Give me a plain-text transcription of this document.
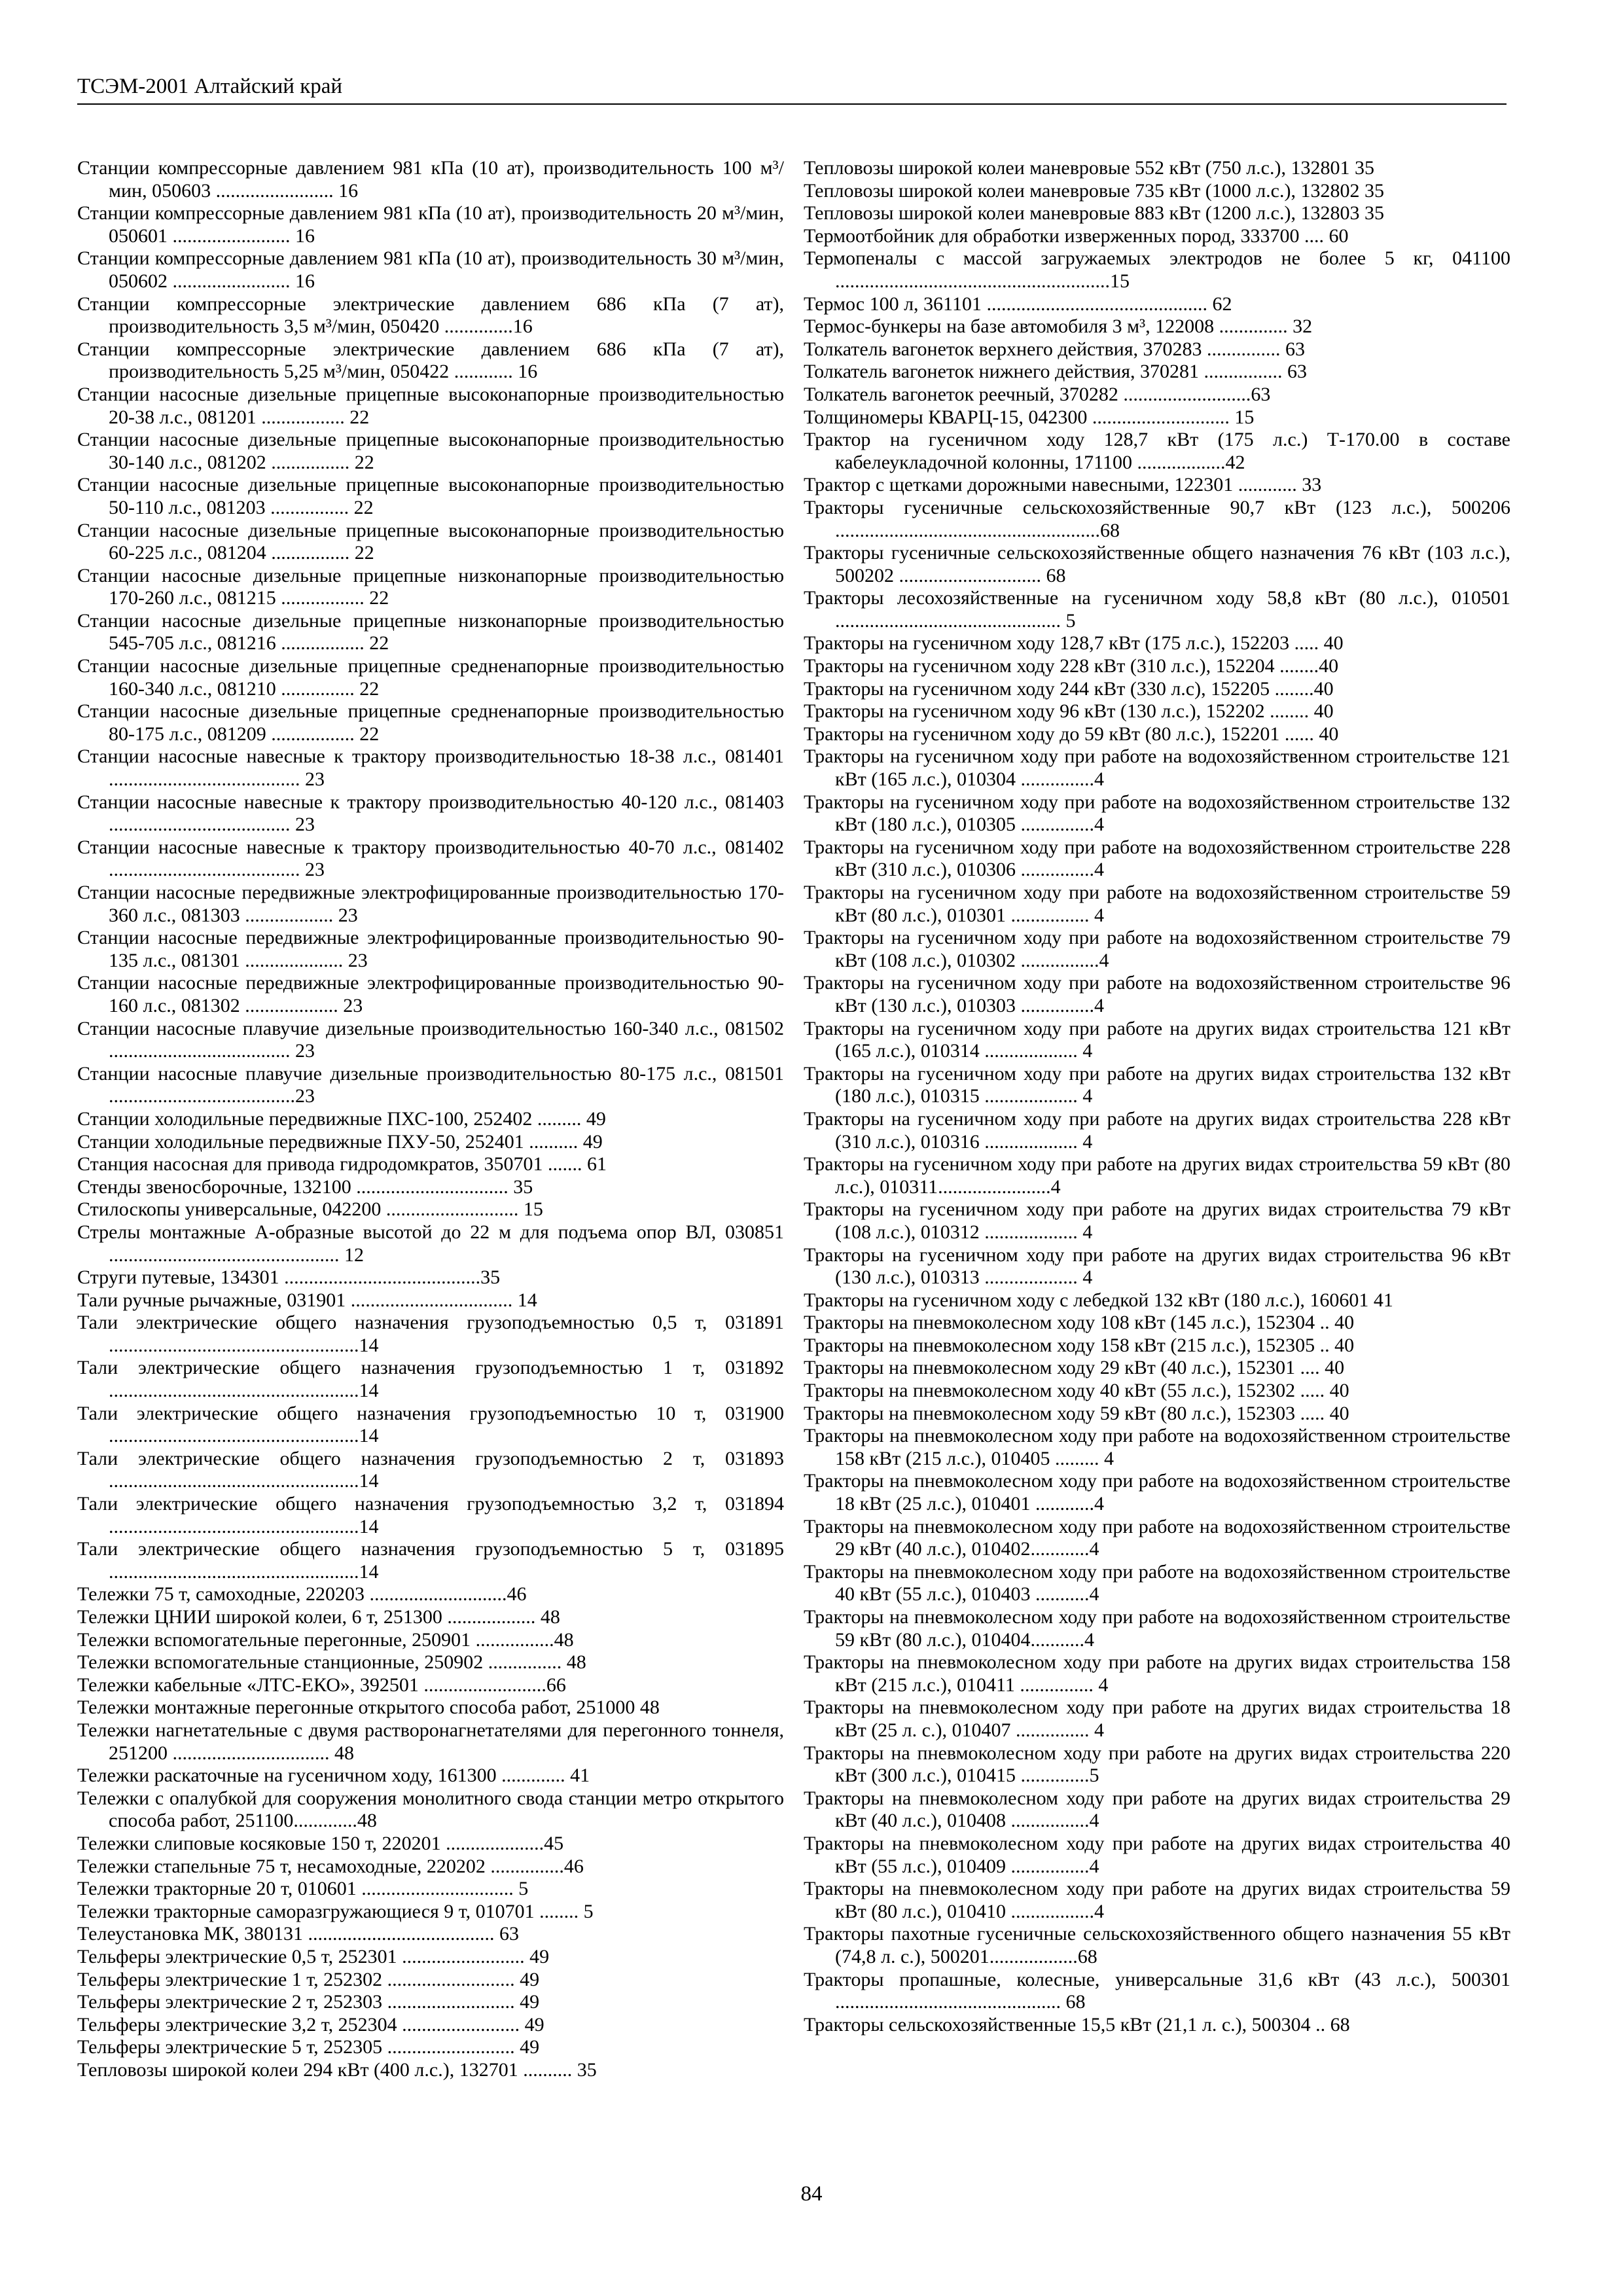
ТСЭМ-2001 Алтайский край

Станции компрессорные давлением 981 кПа (10 ат), производительность 100 м³/мин, 050603 ........................ 16

Станции компрессорные давлением 981 кПа (10 ат), производительность 20 м³/мин, 050601 ........................ 16

Станции компрессорные давлением 981 кПа (10 ат), производительность 30 м³/мин, 050602 ........................ 16

Станции компрессорные электрические давлением 686 кПа (7 ат), производительность 3,5 м³/мин, 050420 ..............16

Станции компрессорные электрические давлением 686 кПа (7 ат), производительность 5,25 м³/мин, 050422 ............ 16

Станции насосные дизельные прицепные высоконапорные производительностью 20-38 л.с., 081201 ................. 22

Станции насосные дизельные прицепные высоконапорные производительностью 30-140 л.с., 081202 ................ 22

Станции насосные дизельные прицепные высоконапорные производительностью 50-110 л.с., 081203 ................ 22

Станции насосные дизельные прицепные высоконапорные производительностью 60-225 л.с., 081204 ................ 22

Станции насосные дизельные прицепные низконапорные производительностью 170-260 л.с., 081215 ................. 22

Станции насосные дизельные прицепные низконапорные производительностью 545-705 л.с., 081216 ................. 22

Станции насосные дизельные прицепные средненапорные производительностью 160-340 л.с., 081210 ............... 22

Станции насосные дизельные прицепные средненапорные производительностью 80-175 л.с., 081209 ................. 22

Станции насосные навесные к трактору производительностью 18-38 л.с., 081401 ....................................... 23

Станции насосные навесные к трактору производительностью 40-120 л.с., 081403 ..................................... 23

Станции насосные навесные к трактору производительностью 40-70 л.с., 081402 ....................................... 23

Станции насосные передвижные электрофицированные производительностью 170-360 л.с., 081303 .................. 23

Станции насосные передвижные электрофицированные производительностью 90-135 л.с., 081301 .................... 23

Станции насосные передвижные электрофицированные производительностью 90-160 л.с., 081302 ................... 23

Станции насосные плавучие дизельные производительностью 160-340 л.с., 081502 ..................................... 23

Станции насосные плавучие дизельные производительностью 80-175 л.с., 081501 ......................................23

Станции холодильные передвижные ПХС-100, 252402 ......... 49

Станции холодильные передвижные ПХУ-50, 252401 .......... 49

Станция насосная для привода гидродомкратов, 350701 ....... 61

Стенды звеносборочные, 132100 ............................... 35

Стилоскопы универсальные, 042200 ........................... 15

Стрелы монтажные А-образные высотой до 22 м для подъема опор ВЛ, 030851 ............................................... 12

Струги путевые, 134301 ........................................35

Тали ручные рычажные, 031901 ................................. 14

Тали электрические общего назначения грузоподъемностью 0,5 т, 031891 ...................................................14

Тали электрические общего назначения грузоподъемностью 1 т, 031892 ...................................................14

Тали электрические общего назначения грузоподъемностью 10 т, 031900 ...................................................14

Тали электрические общего назначения грузоподъемностью 2 т, 031893 ...................................................14

Тали электрические общего назначения грузоподъемностью 3,2 т, 031894 ...................................................14

Тали электрические общего назначения грузоподъемностью 5 т, 031895 ...................................................14

Тележки 75 т, самоходные, 220203 ............................46

Тележки ЦНИИ широкой колеи, 6 т, 251300 .................. 48

Тележки вспомогательные перегонные, 250901 ................48

Тележки вспомогательные станционные, 250902 ............... 48

Тележки кабельные «ЛТС-ЕКО», 392501 .........................66

Тележки монтажные перегонные открытого способа работ, 251000 48

Тележки нагнетательные с двумя растворонагнетателями для перегонного тоннеля, 251200 ................................ 48

Тележки раскаточные на гусеничном ходу, 161300 ............. 41

Тележки с опалубкой для сооружения монолитного свода станции метро открытого способа работ, 251100.............48

Тележки слиповые косяковые 150 т, 220201 ....................45

Тележки стапельные 75 т, несамоходные, 220202 ...............46

Тележки тракторные 20 т, 010601 ............................... 5

Тележки тракторные саморазгружающиеся 9 т, 010701 ........ 5

Телеустановка МК, 380131 ...................................... 63

Тельферы электрические 0,5 т, 252301 ......................... 49

Тельферы электрические 1 т, 252302 .......................... 49

Тельферы электрические 2 т, 252303 .......................... 49

Тельферы электрические 3,2 т, 252304 ........................ 49

Тельферы электрические 5 т, 252305 .......................... 49

Тепловозы широкой колеи 294 кВт (400 л.с.), 132701 .......... 35

Тепловозы широкой колеи маневровые 552 кВт (750 л.с.), 132801 35

Тепловозы широкой колеи маневровые 735 кВт (1000 л.с.), 132802 35

Тепловозы широкой колеи маневровые 883 кВт (1200 л.с.), 132803 35

Термоотбойник для обработки изверженных пород, 333700 .... 60

Термопеналы с массой загружаемых электродов не более 5 кг, 041100 ........................................................15

Термос 100 л, 361101 ............................................. 62

Термос-бункеры на базе автомобиля 3 м³, 122008 .............. 32

Толкатель вагонеток верхнего действия, 370283 ............... 63

Толкатель вагонеток нижнего действия, 370281 ................ 63

Толкатель вагонеток реечный, 370282 ..........................63

Толщиномеры КВАРЦ-15, 042300 ............................ 15

Трактор на гусеничном ходу 128,7 кВт (175 л.с.) Т-170.00 в составе кабелеукладочной колонны, 171100 ..................42

Трактор с щетками дорожными навесными, 122301 ............ 33

Тракторы гусеничные сельскохозяйственные 90,7 кВт (123 л.с.), 500206 ......................................................68

Тракторы гусеничные сельскохозяйственные общего назначения 76 кВт (103 л.с.), 500202 ............................. 68

Тракторы лесохозяйственные на гусеничном ходу 58,8 кВт (80 л.с.), 010501 .............................................. 5

Тракторы на гусеничном ходу 128,7 кВт (175 л.с.), 152203 ..... 40

Тракторы на гусеничном ходу 228 кВт (310 л.с.), 152204 ........40

Тракторы на гусеничном ходу 244 кВт (330 л.с), 152205 ........40

Тракторы на гусеничном ходу 96 кВт (130 л.с.), 152202 ........ 40

Тракторы на гусеничном ходу до 59 кВт (80 л.с.), 152201 ...... 40

Тракторы на гусеничном ходу при работе на водохозяйственном строительстве 121 кВт (165 л.с.), 010304 ...............4

Тракторы на гусеничном ходу при работе на водохозяйственном строительстве 132 кВт (180 л.с.), 010305 ...............4

Тракторы на гусеничном ходу при работе на водохозяйственном строительстве 228 кВт (310 л.с.), 010306 ...............4

Тракторы на гусеничном ходу при работе на водохозяйственном строительстве 59 кВт (80 л.с.), 010301 ................ 4

Тракторы на гусеничном ходу при работе на водохозяйственном строительстве 79 кВт (108 л.с.), 010302 ................4

Тракторы на гусеничном ходу при работе на водохозяйственном строительстве 96 кВт (130 л.с.), 010303 ...............4

Тракторы на гусеничном ходу при работе на других видах строительства 121 кВт (165 л.с.), 010314 ................... 4

Тракторы на гусеничном ходу при работе на других видах строительства 132 кВт (180 л.с.), 010315 ................... 4

Тракторы на гусеничном ходу при работе на других видах строительства 228 кВт (310 л.с.), 010316 ................... 4

Тракторы на гусеничном ходу при работе на других видах строительства 59 кВт (80 л.с.), 010311.......................4

Тракторы на гусеничном ходу при работе на других видах строительства 79 кВт (108 л.с.), 010312 ................... 4

Тракторы на гусеничном ходу при работе на других видах строительства 96 кВт (130 л.с.), 010313 ................... 4

Тракторы на гусеничном ходу с лебедкой 132 кВт (180 л.с.), 160601 41

Тракторы на пневмоколесном ходу 108 кВт (145 л.с.), 152304 .. 40

Тракторы на пневмоколесном ходу 158 кВт (215 л.с.), 152305 .. 40

Тракторы на пневмоколесном ходу 29 кВт (40 л.с.), 152301 .... 40

Тракторы на пневмоколесном ходу 40 кВт (55 л.с.), 152302 ..... 40

Тракторы на пневмоколесном ходу 59 кВт (80 л.с.), 152303 ..... 40

Тракторы на пневмоколесном ходу при работе на водохозяйственном строительстве 158 кВт (215 л.с.), 010405 ......... 4

Тракторы на пневмоколесном ходу при работе на водохозяйственном строительстве 18 кВт (25 л.с.), 010401 ............4

Тракторы на пневмоколесном ходу при работе на водохозяйственном строительстве 29 кВт (40 л.с.), 010402............4

Тракторы на пневмоколесном ходу при работе на водохозяйственном строительстве 40 кВт (55 л.с.), 010403 ...........4

Тракторы на пневмоколесном ходу при работе на водохозяйственном строительстве 59 кВт (80 л.с.), 010404...........4

Тракторы на пневмоколесном ходу при работе на других видах строительства 158 кВт (215 л.с.), 010411 ............... 4

Тракторы на пневмоколесном ходу при работе на других видах строительства 18 кВт (25 л. с.), 010407 ............... 4

Тракторы на пневмоколесном ходу при работе на других видах строительства 220 кВт (300 л.с.), 010415 ..............5

Тракторы на пневмоколесном ходу при работе на других видах строительства 29 кВт (40 л.с.), 010408 ................4

Тракторы на пневмоколесном ходу при работе на других видах строительства 40 кВт (55 л.с.), 010409 ................4

Тракторы на пневмоколесном ходу при работе на других видах строительства 59 кВт (80 л.с.), 010410 .................4

Тракторы пахотные гусеничные сельскохозяйственного общего назначения 55 кВт (74,8 л. с.), 500201..................68

Тракторы пропашные, колесные, универсальные 31,6 кВт (43 л.с.), 500301 .............................................. 68

Тракторы сельскохозяйственные 15,5 кВт (21,1 л. с.), 500304 .. 68

84
